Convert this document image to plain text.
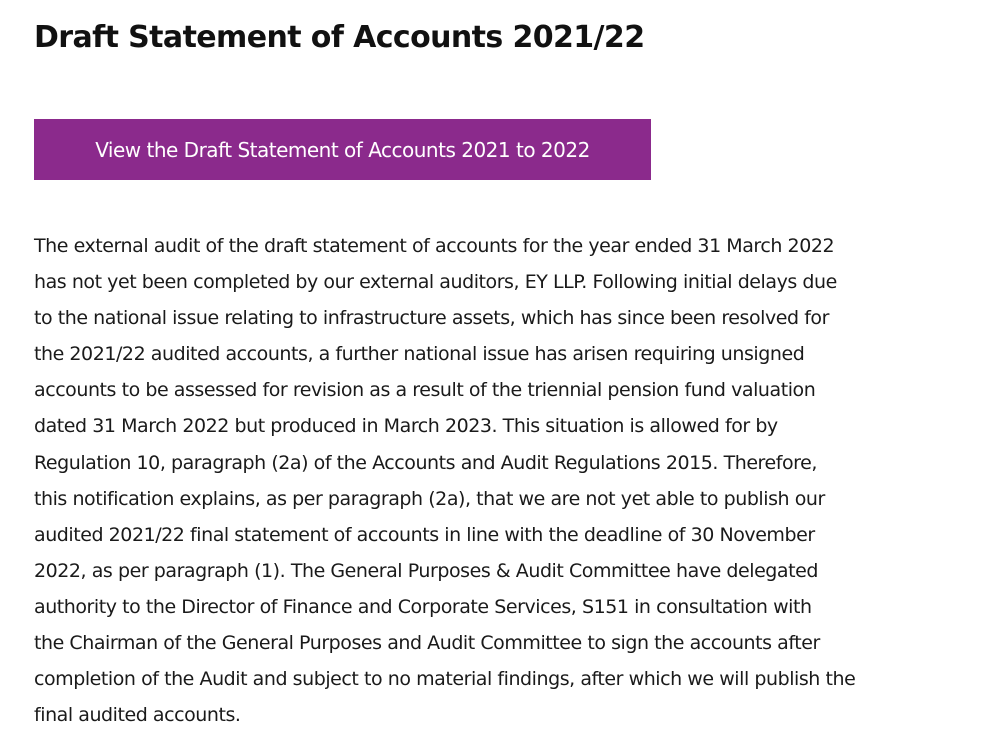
Draft Statement of Accounts 2021/22
View the Draft Statement of Accounts 2021 to 2022

The external audit of the draft statement of accounts for the year ended 31 March 2022
has not yet been completed by our external auditors, EY LLP. Following initial delays due
to the national issue relating to infrastructure assets, which has since been resolved for
the 2021/22 audited accounts, a further national issue has arisen requiring unsigned
accounts to be assessed for revision as a result of the triennial pension fund valuation
dated 31 March 2022 but produced in March 2023. This situation is allowed for by
Regulation 10, paragraph (2a) of the Accounts and Audit Regulations 2015. Therefore,
this notification explains, as per paragraph (2a), that we are not yet able to publish our
audited 2021/22 final statement of accounts in line with the deadline of 30 November
2022, as per paragraph (1). The General Purposes & Audit Committee have delegated
authority to the Director of Finance and Corporate Services, S151 in consultation with
the Chairman of the General Purposes and Audit Committee to sign the accounts after
completion of the Audit and subject to no material findings, after which we will publish the
final audited accounts.
